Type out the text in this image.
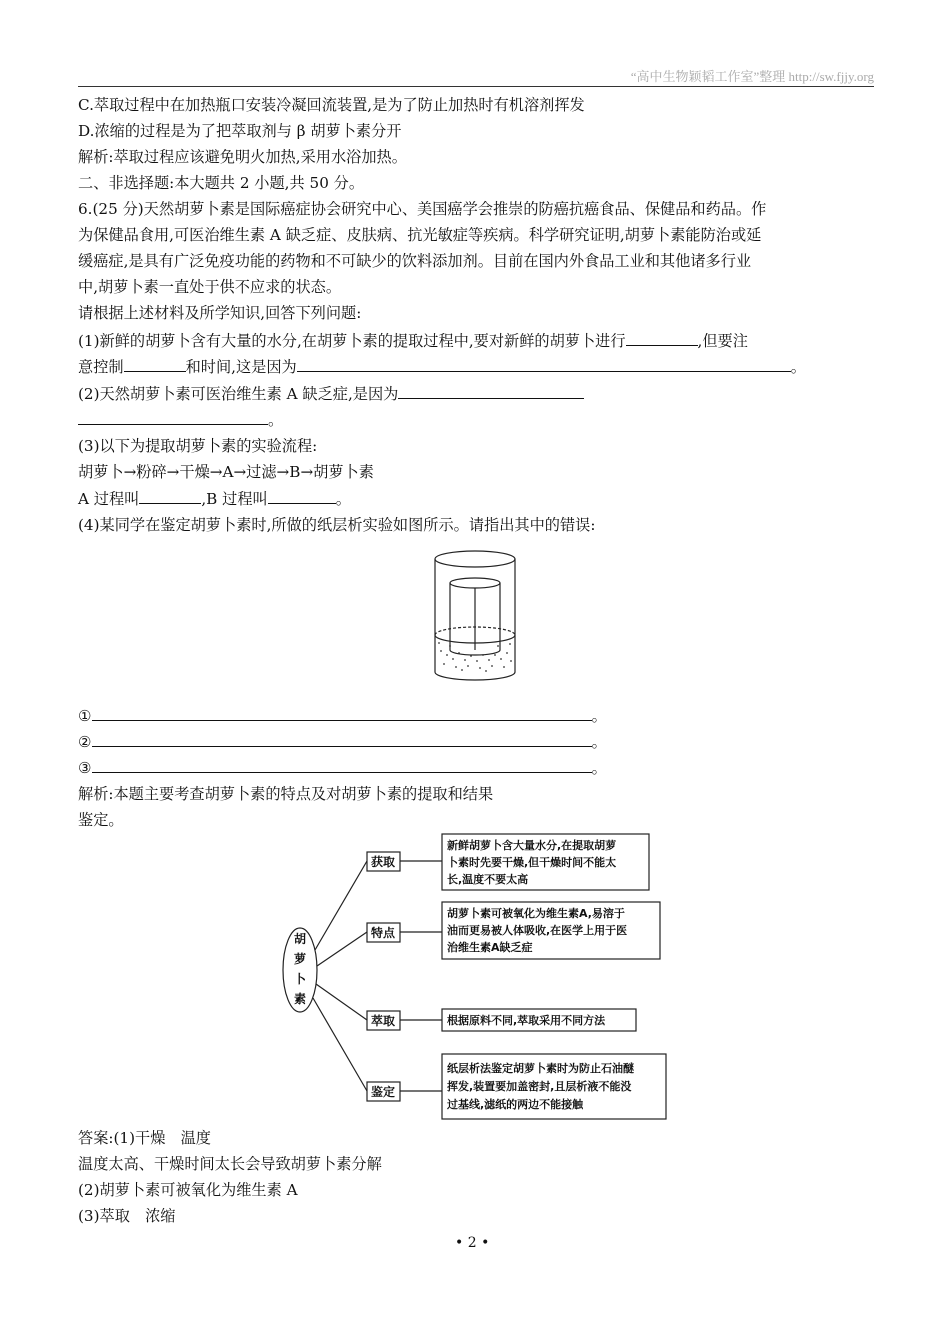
“高中生物颖韬工作室”整理 http://sw.fjjy.org
C.萃取过程中在加热瓶口安装冷凝回流装置,是为了防止加热时有机溶剂挥发
D.浓缩的过程是为了把萃取剂与 β 胡萝卜素分开
解析:萃取过程应该避免明火加热,采用水浴加热。
二、非选择题:本大题共 2 小题,共 50 分。
6.(25 分)天然胡萝卜素是国际癌症协会研究中心、美国癌学会推崇的防癌抗癌食品、保健品和药品。作
为保健品食用,可医治维生素 A 缺乏症、皮肤病、抗光敏症等疾病。科学研究证明,胡萝卜素能防治或延
缓癌症,是具有广泛免疫功能的药物和不可缺少的饮料添加剂。目前在国内外食品工业和其他诸多行业
中,胡萝卜素一直处于供不应求的状态。
请根据上述材料及所学知识,回答下列问题:
(1)新鲜的胡萝卜含有大量的水分,在胡萝卜素的提取过程中,要对新鲜的胡萝卜进行	,但要注
意控制	和时间,这是因为	。
(2)天然胡萝卜素可医治维生素 A 缺乏症,是因为
。
(3)以下为提取胡萝卜素的实验流程:
胡萝卜→粉碎→干燥→A→过滤→B→胡萝卜素
A 过程叫	,B 过程叫	。
(4)某同学在鉴定胡萝卜素时,所做的纸层析实验如图所示。请指出其中的错误:
①	。
②	。
③	。
解析:本题主要考查胡萝卜素的特点及对胡萝卜素的提取和结果
鉴定。
胡
萝
卜
素
获取
特点
萃取
鉴定
新鲜胡萝卜含大量水分,在提取胡萝
卜素时先要干燥,但干燥时间不能太
长,温度不要太高
胡萝卜素可被氧化为维生素A,易溶于
油而更易被人体吸收,在医学上用于医
治维生素A缺乏症
根据原料不同,萃取采用不同方法
纸层析法鉴定胡萝卜素时为防止石油醚
挥发,装置要加盖密封,且层析液不能没
过基线,滤纸的两边不能接触
答案:(1)干燥　温度
温度太高、干燥时间太长会导致胡萝卜素分解
(2)胡萝卜素可被氧化为维生素 A
(3)萃取　浓缩
• 2 •
